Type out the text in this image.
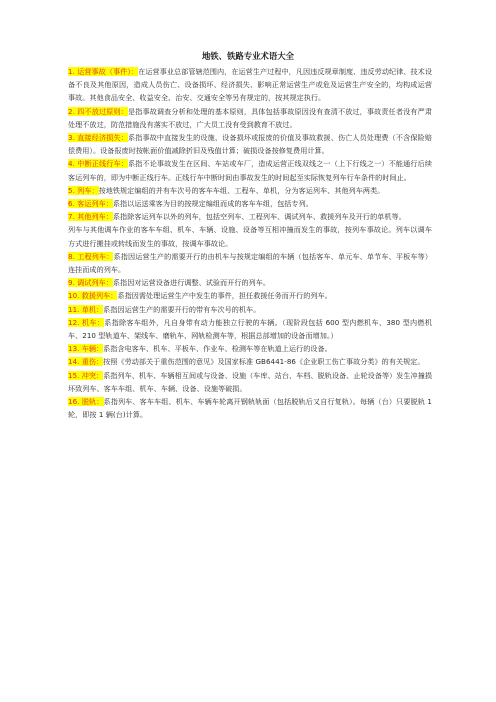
地铁、铁路专业术语大全

1. 运营事故（事件）：在运营事业总部管辖范围内，在运营生产过程中，凡因违反规章制度、违反劳动纪律、技术设备不良及其他原因，造成人员伤亡、设备损坏、经济损失、影响正常运营生产或危及运营生产安全的，均构成运营事故。其他食品安全、收益安全、治安、交通安全等另有规定的，按其规定执行。

2. 四不放过原则：是指事故调查分析和处理的基本原则，具体包括事故原因没有查清不放过，事故责任者没有严肃处理不放过，防范措施没有落实不放过，广大员工没有受到教育不放过。

3. 直接经济损失：系指事故中直接发生的设施、设备损坏或报废的价值及事故救援、伤亡人员处理费（不含保险赔偿费用）。设备报废时按帐面价值减除折旧及残值计算；破损设备按修复费用计算。

4. 中断正线行车：系指不论事故发生在区间、车站或车厂，造成运营正线双线之一（上下行线之一）不能通行后续客运列车的，即为中断正线行车。正线行车中断时间由事故发生的时间起至实际恢复列车行车条件的时间止。

5. 列车：按地铁规定编组的并有车次号的客车车组、工程车、单机，分为客运列车、其他列车两类。

6. 客运列车：系指以运送乘客为目的按规定编组而成的客车车组，包括专列。

7. 其他列车：系指除客运列车以外的列车，包括空列车、工程列车、调试列车、救援列车及开行的单机等。

列车与其他调车作业的客车车组、机车、车辆、设施、设备等互相冲撞而发生的事故，按列车事故论。列车以调车方式进行搬挂或转线而发生的事故，按调车事故论。

8. 工程列车：系指因运营生产的需要开行的由机车与按规定编组的车辆（包括客车、单元车、单节车、平板车等）连挂而成的列车。

9. 调试列车：系指因对运营设备进行调整、试验而开行的列车。

10. 救援列车：系指因需处理运营生产中发生的事件，担任救援任务而开行的列车。

11. 单机：系指因运营生产的需要开行的带有车次号的机车。

12. 机车：系指除客车组外，凡自身带有动力能独立行驶的车辆。（现阶段包括 600 型内燃机车、380 型内燃机车、210 型轨道车、架线车、磨轨车、网轨检测车等，根据总部增加的设备而增加。）

13. 车辆：系指含电客车、机车、平板车、作业车、检测车等在轨道上运行的设备。

14. 重伤：按照《劳动部关于重伤范围的意见》及国家标准 GB6441-86《企业职工伤亡事故分类》的有关规定。

15. 冲突：系指列车、机车、车辆相互间或与设备、设施（车库、站台、车档、脱轨设备、止轮设备等）发生冲撞损坏致列车、客车车组、机车、车辆、设备、设施等破损。

16. 脱轨：系指列车、客车车组、机车、车辆车轮离开钢轨轨面（包括脱轨后又自行复轨）。每辆（台）只要脱轨 1 轮，即按 1 辆(台)计算。
